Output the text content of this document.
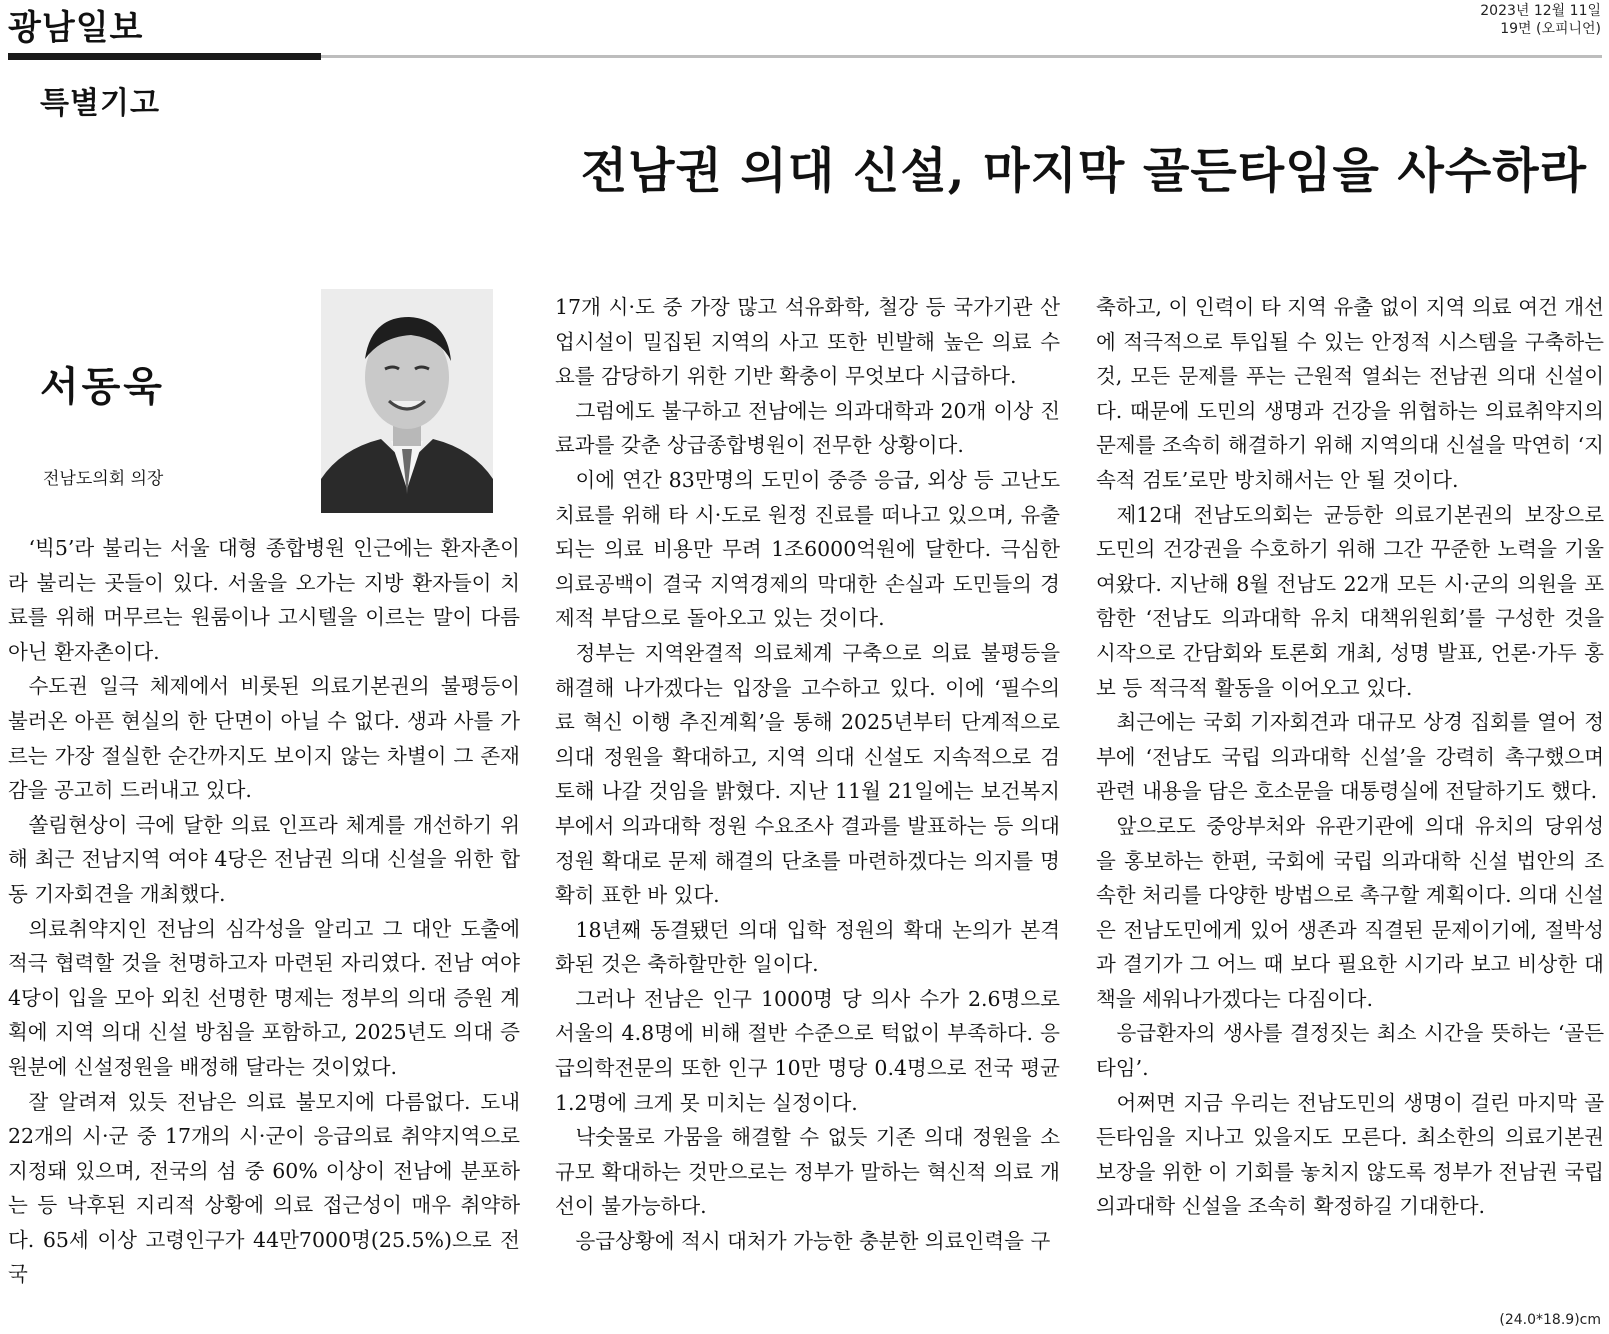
광남일보	2023년 12월 11일
19면 (오피니언)
특별기고
전남권 의대 신설, 마지막 골든타임을 사수하라
서동욱
전남도의회 의장

‘빅5’라 불리는 서울 대형 종합병원 인근에는 환자촌이라 불리는 곳들이 있다. 서울을 오가는 지방 환자들이 치료를 위해 머무르는 원룸이나 고시텔을 이르는 말이 다름 아닌 환자촌이다.

수도권 일극 체제에서 비롯된 의료기본권의 불평등이 불러온 아픈 현실의 한 단면이 아닐 수 없다. 생과 사를 가르는 가장 절실한 순간까지도 보이지 않는 차별이 그 존재감을 공고히 드러내고 있다.

쏠림현상이 극에 달한 의료 인프라 체계를 개선하기 위해 최근 전남지역 여야 4당은 전남권 의대 신설을 위한 합동 기자회견을 개최했다.

의료취약지인 전남의 심각성을 알리고 그 대안 도출에 적극 협력할 것을 천명하고자 마련된 자리였다. 전남 여야 4당이 입을 모아 외친 선명한 명제는 정부의 의대 증원 계획에 지역 의대 신설 방침을 포함하고, 2025년도 의대 증원분에 신설정원을 배정해 달라는 것이었다.

잘 알려져 있듯 전남은 의료 불모지에 다름없다. 도내 22개의 시·군 중 17개의 시·군이 응급의료 취약지역으로 지정돼 있으며, 전국의 섬 중 60% 이상이 전남에 분포하는 등 낙후된 지리적 상황에 의료 접근성이 매우 취약하다. 65세 이상 고령인구가 44만7000명(25.5%)으로 전국

17개 시·도 중 가장 많고 석유화학, 철강 등 국가기관 산업시설이 밀집된 지역의 사고 또한 빈발해 높은 의료 수요를 감당하기 위한 기반 확충이 무엇보다 시급하다.

그럼에도 불구하고 전남에는 의과대학과 20개 이상 진료과를 갖춘 상급종합병원이 전무한 상황이다.

이에 연간 83만명의 도민이 중증 응급, 외상 등 고난도 치료를 위해 타 시·도로 원정 진료를 떠나고 있으며, 유출되는 의료 비용만 무려 1조6000억원에 달한다. 극심한 의료공백이 결국 지역경제의 막대한 손실과 도민들의 경제적 부담으로 돌아오고 있는 것이다.

정부는 지역완결적 의료체계 구축으로 의료 불평등을 해결해 나가겠다는 입장을 고수하고 있다. 이에 ‘필수의료 혁신 이행 추진계획’을 통해 2025년부터 단계적으로 의대 정원을 확대하고, 지역 의대 신설도 지속적으로 검토해 나갈 것임을 밝혔다. 지난 11월 21일에는 보건복지부에서 의과대학 정원 수요조사 결과를 발표하는 등 의대 정원 확대로 문제 해결의 단초를 마련하겠다는 의지를 명확히 표한 바 있다.

18년째 동결됐던 의대 입학 정원의 확대 논의가 본격화된 것은 축하할만한 일이다.

그러나 전남은 인구 1000명 당 의사 수가 2.6명으로 서울의 4.8명에 비해 절반 수준으로 턱없이 부족하다. 응급의학전문의 또한 인구 10만 명당 0.4명으로 전국 평균 1.2명에 크게 못 미치는 실정이다.

낙숫물로 가뭄을 해결할 수 없듯 기존 의대 정원을 소규모 확대하는 것만으로는 정부가 말하는 혁신적 의료 개선이 불가능하다.

응급상황에 적시 대처가 가능한 충분한 의료인력을 구

축하고, 이 인력이 타 지역 유출 없이 지역 의료 여건 개선에 적극적으로 투입될 수 있는 안정적 시스템을 구축하는 것, 모든 문제를 푸는 근원적 열쇠는 전남권 의대 신설이다. 때문에 도민의 생명과 건강을 위협하는 의료취약지의 문제를 조속히 해결하기 위해 지역의대 신설을 막연히 ‘지속적 검토’로만 방치해서는 안 될 것이다.

제12대 전남도의회는 균등한 의료기본권의 보장으로 도민의 건강권을 수호하기 위해 그간 꾸준한 노력을 기울여왔다. 지난해 8월 전남도 22개 모든 시·군의 의원을 포함한 ‘전남도 의과대학 유치 대책위원회’를 구성한 것을 시작으로 간담회와 토론회 개최, 성명 발표, 언론·가두 홍보 등 적극적 활동을 이어오고 있다.

최근에는 국회 기자회견과 대규모 상경 집회를 열어 정부에 ‘전남도 국립 의과대학 신설’을 강력히 촉구했으며 관련 내용을 담은 호소문을 대통령실에 전달하기도 했다.

앞으로도 중앙부처와 유관기관에 의대 유치의 당위성을 홍보하는 한편, 국회에 국립 의과대학 신설 법안의 조속한 처리를 다양한 방법으로 촉구할 계획이다. 의대 신설은 전남도민에게 있어 생존과 직결된 문제이기에, 절박성과 결기가 그 어느 때 보다 필요한 시기라 보고 비상한 대책을 세워나가겠다는 다짐이다.

응급환자의 생사를 결정짓는 최소 시간을 뜻하는 ‘골든타임’.

어쩌면 지금 우리는 전남도민의 생명이 걸린 마지막 골든타임을 지나고 있을지도 모른다. 최소한의 의료기본권 보장을 위한 이 기회를 놓치지 않도록 정부가 전남권 국립 의과대학 신설을 조속히 확정하길 기대한다.

(24.0*18.9)cm
